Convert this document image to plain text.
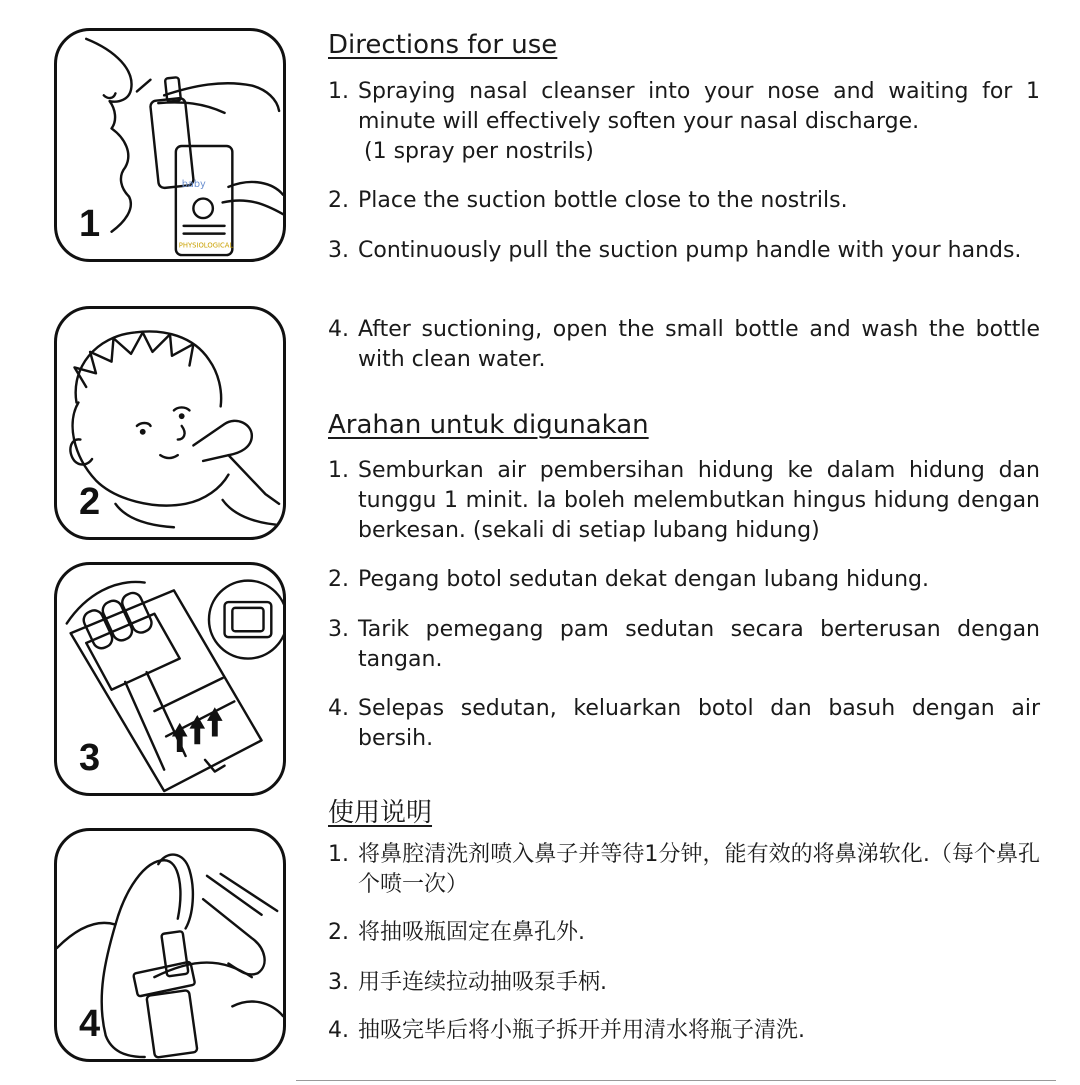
baby
PHYSIOLOGICAL
1
2
3
4
Directions for use
1. Spraying nasal cleanser into your nose and waiting for 1 minute will effectively soften your nasal discharge.
(1 spray per nostrils)
2. Place the suction bottle close to the nostrils.
3. Continuously pull the suction pump handle with your hands.
4. After suctioning, open the small bottle and wash the bottle with clean water.
Arahan untuk digunakan
1. Semburkan air pembersihan hidung ke dalam hidung dan tunggu 1 minit. Ia boleh melembutkan hingus hidung dengan berkesan. (sekali di setiap lubang hidung)
2. Pegang botol sedutan dekat dengan lubang hidung.
3. Tarik pemegang pam sedutan secara berterusan dengan tangan.
4. Selepas sedutan, keluarkan botol dan basuh dengan air bersih.
使用说明
1. 将鼻腔清洗剂喷入鼻子并等待1分钟，能有效的将鼻涕软化.（每个鼻孔个喷一次）
2. 将抽吸瓶固定在鼻孔外.
3. 用手连续拉动抽吸泵手柄.
4. 抽吸完毕后将小瓶子拆开并用清水将瓶子清洗.
